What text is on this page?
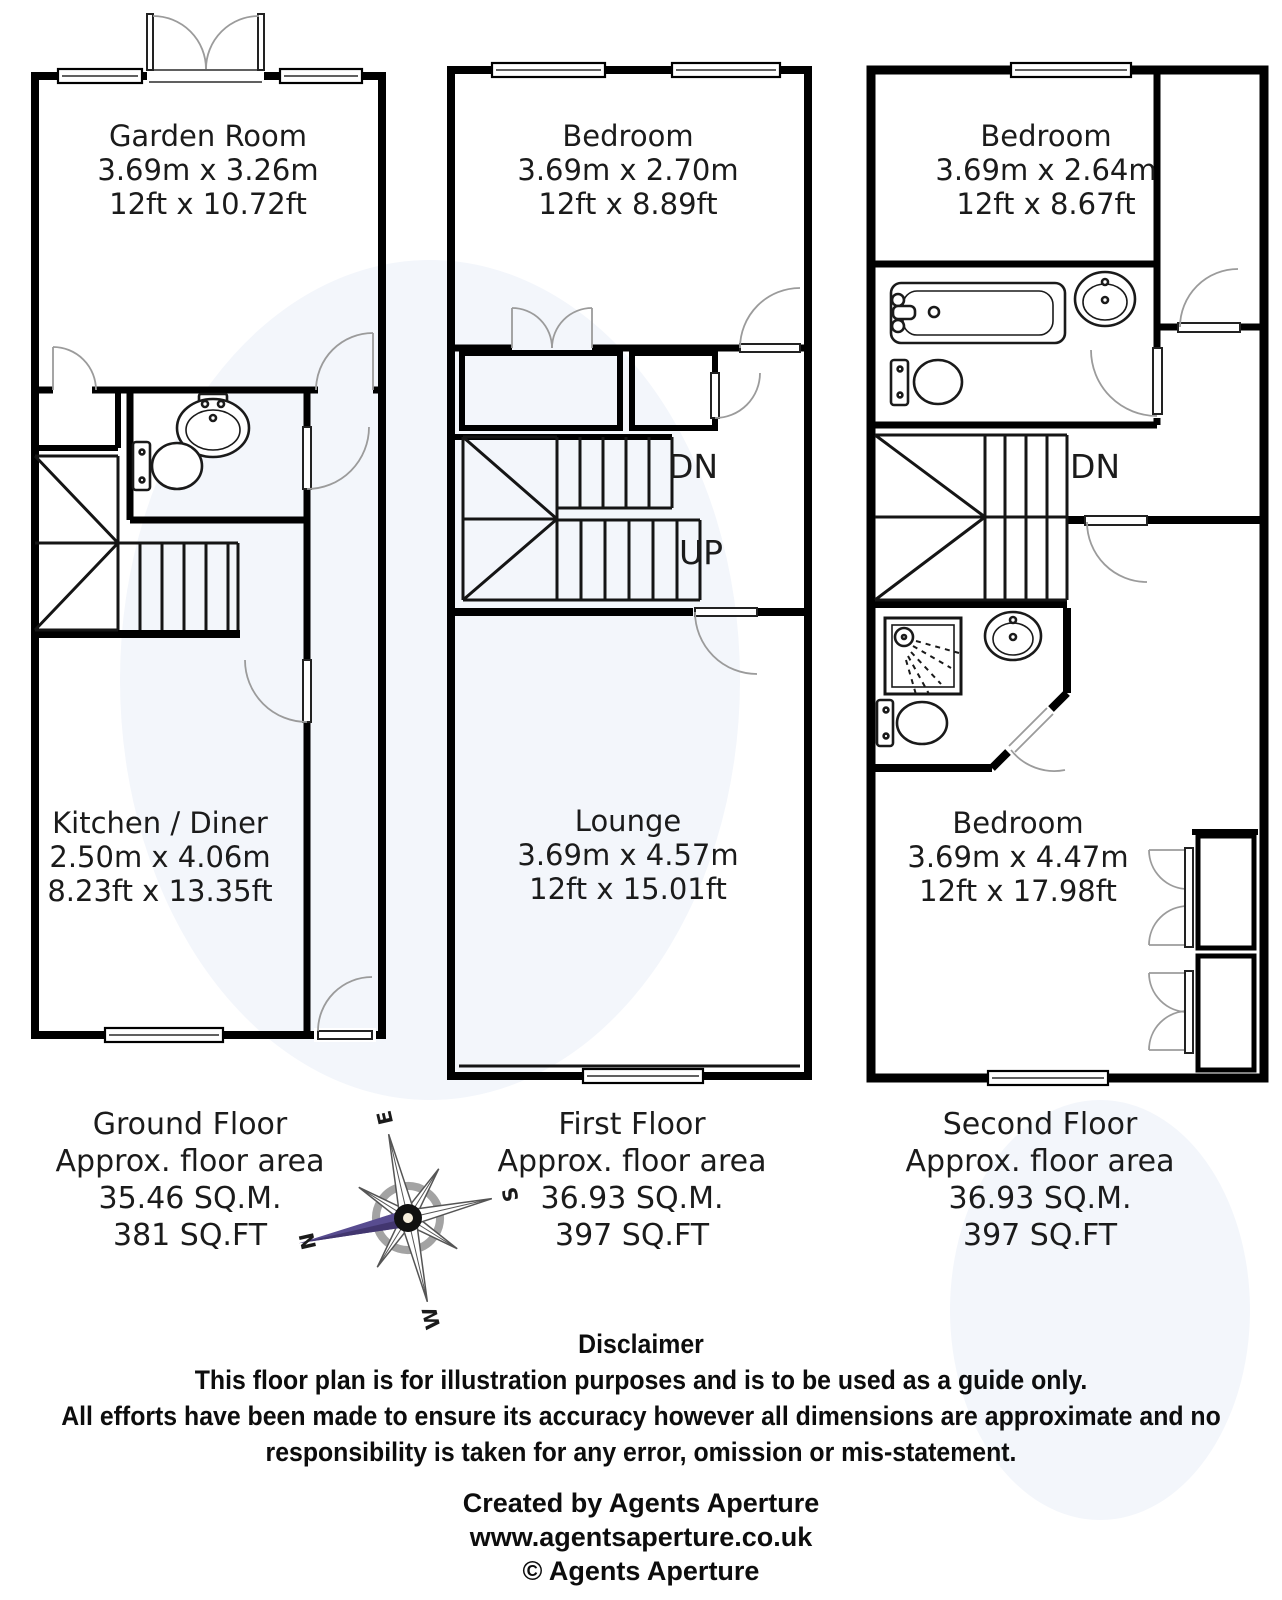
N
E
S
W
Garden Room
3.69m x 3.26m
12ft x 10.72ft
Kitchen / Diner
2.50m x 4.06m
8.23ft x 13.35ft
Bedroom
3.69m x 2.70m
12ft x 8.89ft
Lounge
3.69m x 4.57m
12ft x 15.01ft
Bedroom
3.69m x 2.64m
12ft x 8.67ft
Bedroom
3.69m x 4.47m
12ft x 17.98ft
DN
UP
DN
Ground Floor
Approx. floor area
35.46 SQ.M.
381 SQ.FT
First Floor
Approx. floor area
36.93 SQ.M.
397 SQ.FT
Second Floor
Approx. floor area
36.93 SQ.M.
397 SQ.FT
Disclaimer
This floor plan is for illustration purposes and is to be used as a guide only.
All efforts have been made to ensure its accuracy however all dimensions are approximate and no
responsibility is taken for any error, omission or mis-statement.
Created by Agents Aperture
www.agentsaperture.co.uk
© Agents Aperture
